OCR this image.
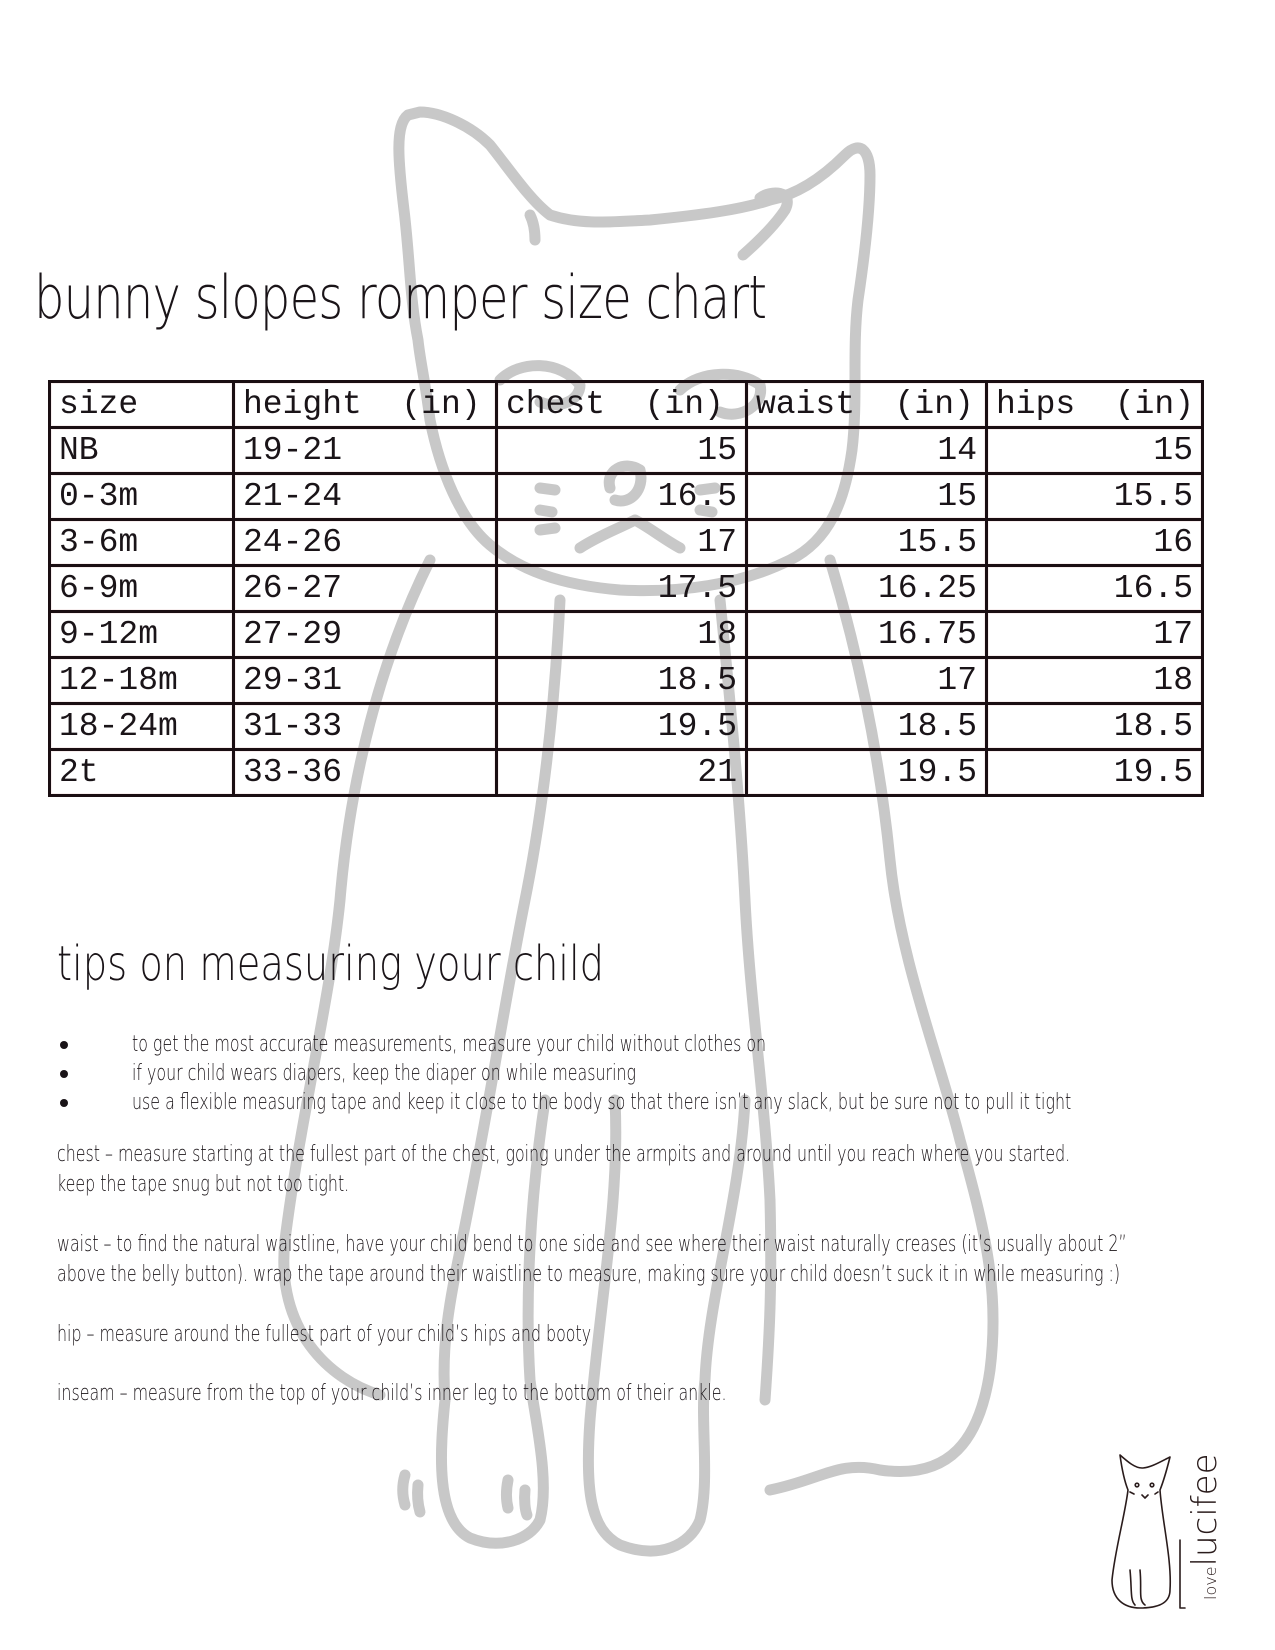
bunny slopes romper size chart
size	height  (in)	chest  (in)	waist  (in)	hips  (in)
NB	19-21	15	14	15
0-3m	21-24	16.5	15	15.5
3-6m	24-26	17	15.5	16
6-9m	26-27	17.5	16.25	16.5
9-12m	27-29	18	16.75	17
12-18m	29-31	18.5	17	18
18-24m	31-33	19.5	18.5	18.5
2t	33-36	21	19.5	19.5
tips on measuring your child
to get the most accurate measurements, measure your child without clothes on
if your child wears diapers, keep the diaper on while measuring
use a flexible measuring tape and keep it close to the body so that there isn’t any slack, but be sure not to pull it tight
chest – measure starting at the fullest part of the chest, going under the armpits and around until you reach where you started.
keep the tape snug but not too tight.
waist – to find the natural waistline, have your child bend to one side and see where their waist naturally creases (it’s usually about 2”
above the belly button). wrap the tape around their waistline to measure, making sure your child doesn’t suck it in while measuring :)
hip – measure around the fullest part of your child’s hips and booty
inseam – measure from the top of your child’s inner leg to the bottom of their ankle.
lovelucifee
